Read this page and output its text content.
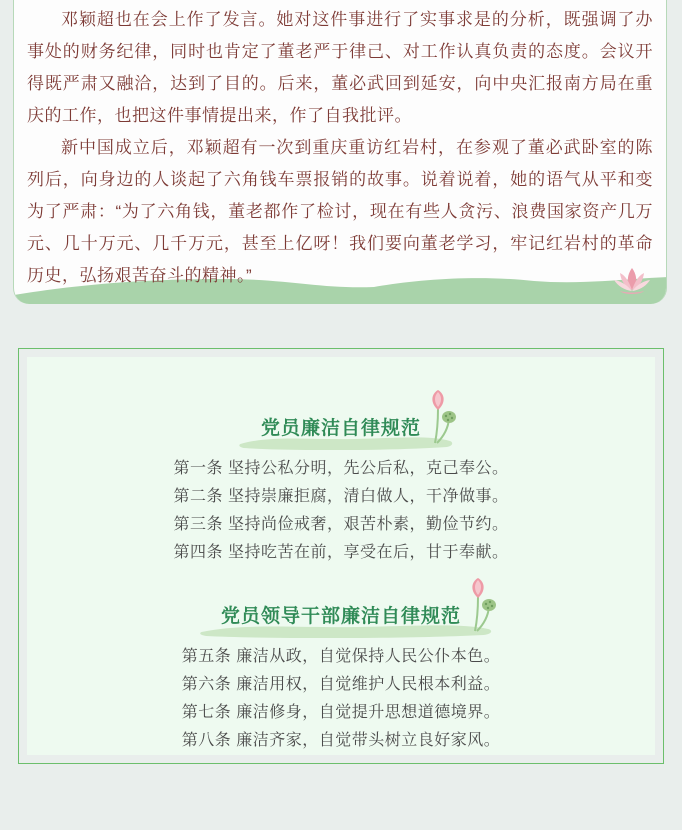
邓颖超也在会上作了发言。她对这件事进行了实事求是的分析，既强调了办事处的财务纪律，同时也肯定了董老严于律己、对工作认真负责的态度。会议开得既严肃又融洽，达到了目的。后来，董必武回到延安，向中央汇报南方局在重庆的工作，也把这件事情提出来，作了自我批评。

新中国成立后，邓颖超有一次到重庆重访红岩村，在参观了董必武卧室的陈列后，向身边的人谈起了六角钱车票报销的故事。说着说着，她的语气从平和变为了严肃：“为了六角钱，董老都作了检讨，现在有些人贪污、浪费国家资产几万元、几十万元、几千万元，甚至上亿呀！我们要向董老学习，牢记红岩村的革命历史，弘扬艰苦奋斗的精神。”

党员廉洁自律规范
第一条 坚持公私分明，先公后私，克己奉公。
第二条 坚持崇廉拒腐，清白做人，干净做事。
第三条 坚持尚俭戒奢，艰苦朴素，勤俭节约。
第四条 坚持吃苦在前，享受在后，甘于奉献。
党员领导干部廉洁自律规范
第五条 廉洁从政，自觉保持人民公仆本色。
第六条 廉洁用权，自觉维护人民根本利益。
第七条 廉洁修身，自觉提升思想道德境界。
第八条 廉洁齐家，自觉带头树立良好家风。
